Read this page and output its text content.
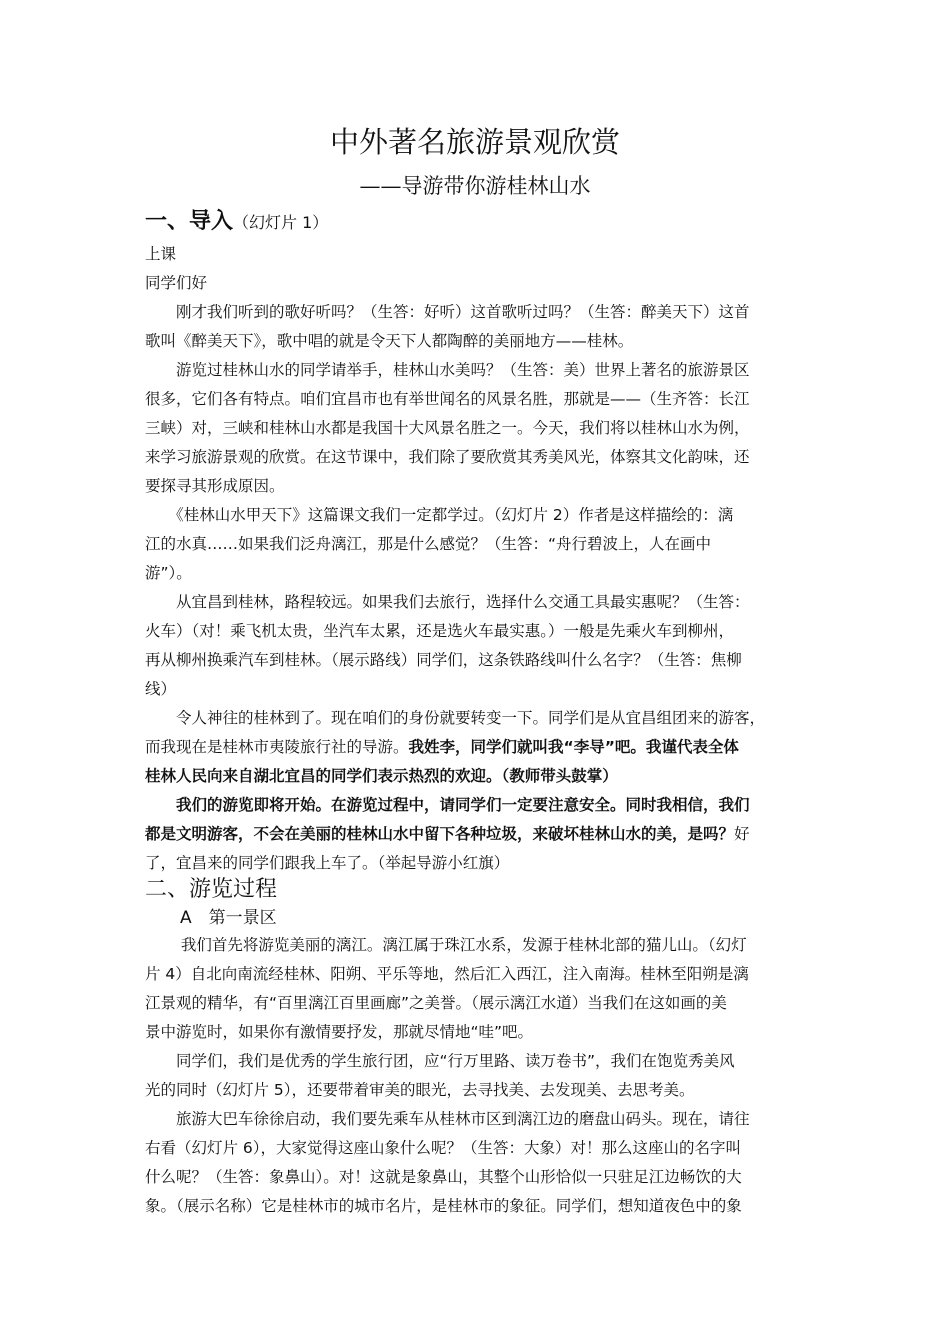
中外著名旅游景观欣赏
——导游带你游桂林山水
一、导入（幻灯片 1）
上课
同学们好
　　刚才我们听到的歌好听吗？（生答：好听）这首歌听过吗？（生答：醉美天下）这首
歌叫《醉美天下》，歌中唱的就是令天下人都陶醉的美丽地方——桂林。
　　游览过桂林山水的同学请举手，桂林山水美吗？（生答：美）世界上著名的旅游景区
很多，它们各有特点。咱们宜昌市也有举世闻名的风景名胜，那就是——（生齐答：长江
三峡）对，三峡和桂林山水都是我国十大风景名胜之一。今天，我们将以桂林山水为例，
来学习旅游景观的欣赏。在这节课中，我们除了要欣赏其秀美风光，体察其文化韵味，还
要探寻其形成原因。
　　《桂林山水甲天下》这篇课文我们一定都学过。（幻灯片 2）作者是这样描绘的：漓
江的水真……如果我们泛舟漓江，那是什么感觉？（生答：“舟行碧波上，人在画中
游”）。
　　从宜昌到桂林，路程较远。如果我们去旅行，选择什么交通工具最实惠呢？（生答：
火车）（对！乘飞机太贵，坐汽车太累，还是选火车最实惠。）一般是先乘火车到柳州，
再从柳州换乘汽车到桂林。（展示路线）同学们，这条铁路线叫什么名字？（生答：焦柳
线）
　　令人神往的桂林到了。现在咱们的身份就要转变一下。同学们是从宜昌组团来的游客，
而我现在是桂林市夷陵旅行社的导游。我姓李，同学们就叫我“李导”吧。我谨代表全体
桂林人民向来自湖北宜昌的同学们表示热烈的欢迎。（教师带头鼓掌）
　　我们的游览即将开始。在游览过程中，请同学们一定要注意安全。同时我相信，我们
都是文明游客，不会在美丽的桂林山水中留下各种垃圾，来破坏桂林山水的美，是吗？好
了，宜昌来的同学们跟我上车了。（举起导游小红旗）
二、游览过程
A　第一景区
　　 我们首先将游览美丽的漓江。漓江属于珠江水系，发源于桂林北部的猫儿山。（幻灯
片 4）自北向南流经桂林、阳朔、平乐等地，然后汇入西江，注入南海。桂林至阳朔是漓
江景观的精华，有“百里漓江百里画廊”之美誉。（展示漓江水道）当我们在这如画的美
景中游览时，如果你有激情要抒发，那就尽情地“哇”吧。
　　同学们，我们是优秀的学生旅行团，应“行万里路、读万卷书”，我们在饱览秀美风
光的同时（幻灯片 5），还要带着审美的眼光，去寻找美、去发现美、去思考美。
　　旅游大巴车徐徐启动，我们要先乘车从桂林市区到漓江边的磨盘山码头。现在，请往
右看（幻灯片 6），大家觉得这座山象什么呢？（生答：大象）对！那么这座山的名字叫
什么呢？（生答：象鼻山）。对！这就是象鼻山，其整个山形恰似一只驻足江边畅饮的大
象。（展示名称）它是桂林市的城市名片，是桂林市的象征。同学们，想知道夜色中的象
